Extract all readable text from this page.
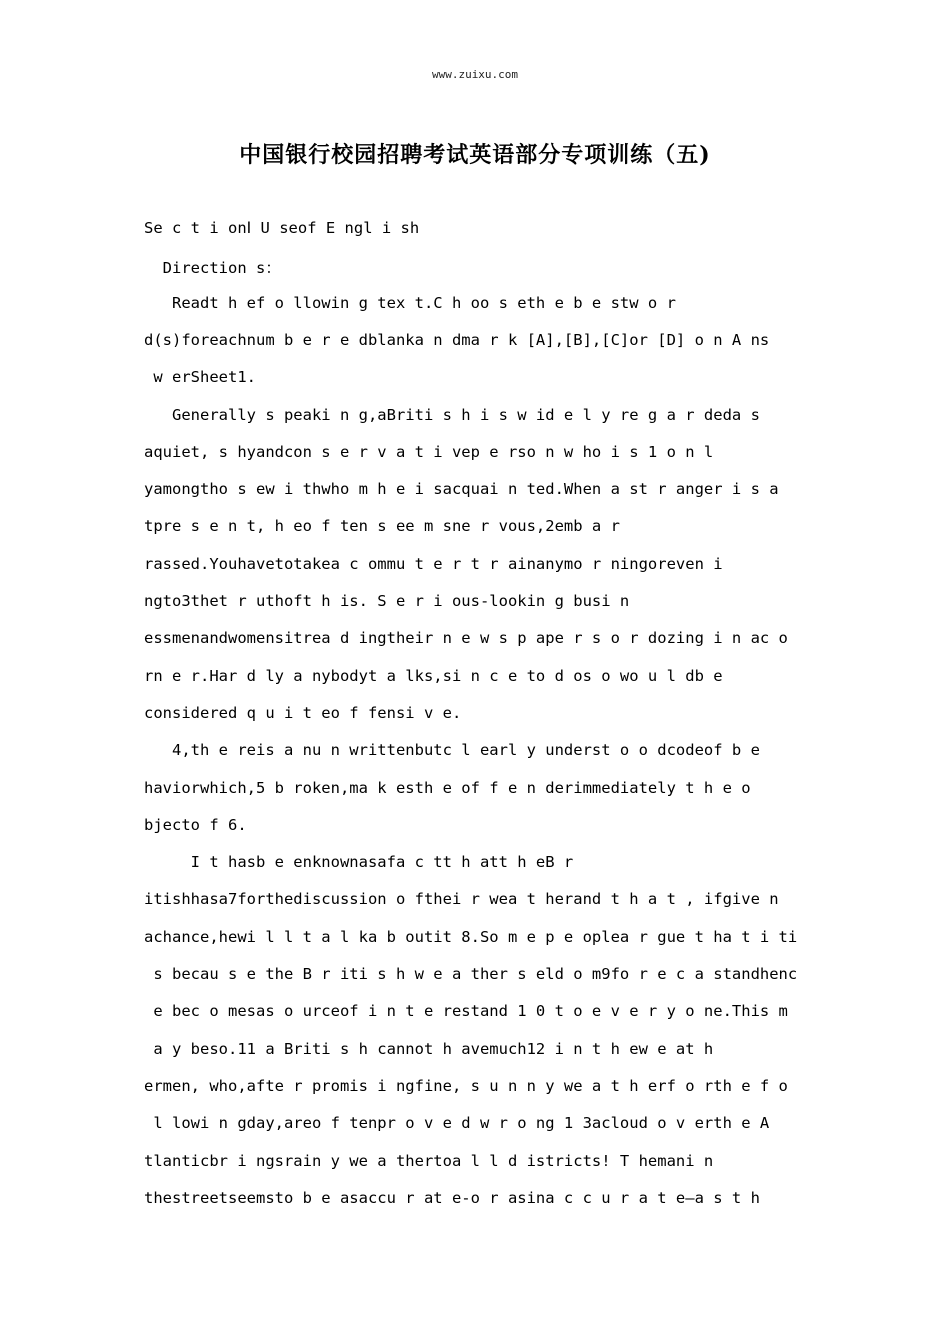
www.zuixu.com
中国银行校园招聘考试英语部分专项训练（五)
Se c t i onⅠ U seof E ngl i sh
Direction s：
Readt h ef o llowin g tex t.C h oo s eth e b e stw o r
d(s)foreachnum b e r e dblanka n dma r k [A],[B],[C]or [D] o n A ns
w erSheet1.
Generally s peaki n g,aBriti s h i s w id e l y re g a r deda s
aquiet, s hyandcon s e r v a t i vep e rso n w ho i s 1 o n l
yamongtho s ew i thwho m h e i sacquai n ted.When a st r anger i s a
tpre s e n t, h eo f ten s ee m sne r vous,2emb a r
rassed.Youhavetotakea c ommu t e r t r ainanymo r ningoreven i
ngto3thet r uthoft h is. S e r i ous-lookin g busi n
essmenandwomensitrea d ingtheir n e w s p ape r s o r dozing i n ac o
rn e r.Har d ly a nybodyt a lks,si n c e to d os o wo u l db e
considered q u i t eo f fensi v e.
4,th e reis a nu n writtenbutc l earl y underst o o dcodeof b e
haviorwhich,5 b roken,ma k esth e of f e n derimmediately t h e o
bjecto f 6.
I t hasb e enknownasafa c tt h att h eB r
itishhasa7forthediscussion o fthei r wea t herand t h a t , ifgive n
achance,hewi l l t a l ka b outit 8.So m e p e oplea r gue t ha t i ti
s becau s e the B r iti s h w e a ther s eld o m9fo r e c a standhenc
e bec o mesas o urceof i n t e restand 1 0 t o e v e r y o ne.This m
a y beso.11 a Briti s h cannot h avemuch12 i n t h ew e at h
ermen, who,afte r promis i ngfine, s u n n y we a t h erf o rth e f o
l lowi n gday,areo f tenpr o v e d w r o ng 1 3acloud o v erth e A
tlanticbr i ngsrain y we a thertoa l l d istricts! T hemani n
thestreetseemsto b e asaccu r at e-o r asina c c u r a t e—a s t h
